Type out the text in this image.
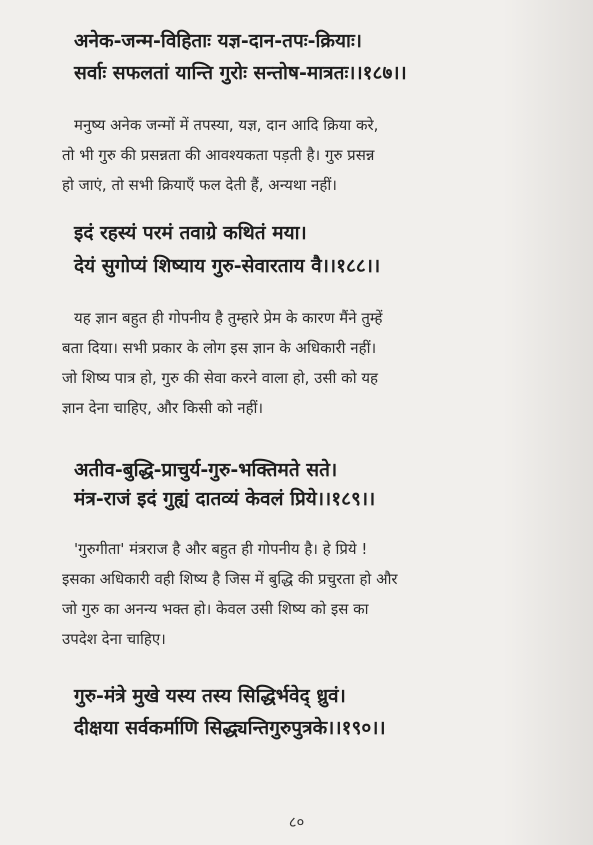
अनेक-जन्म-विहिताः यज्ञ-दान-तपः-क्रियाः।
सर्वाः सफलतां यान्ति गुरोः सन्तोष-मात्रतः।।१८७।।
मनुष्य अनेक जन्मों में तपस्या, यज्ञ, दान आदि क्रिया करे,
तो भी गुरु की प्रसन्नता की आवश्यकता पड़ती है। गुरु प्रसन्न
हो जाएं, तो सभी क्रियाएँ फल देती हैं, अन्यथा नहीं।
इदं रहस्यं परमं तवाग्रे कथितं मया।
देयं सुगोप्यं शिष्याय गुरु-सेवारताय वै।।१८८।।
यह ज्ञान बहुत ही गोपनीय है तुम्हारे प्रेम के कारण मैंने तुम्हें
बता दिया। सभी प्रकार के लोग इस ज्ञान के अधिकारी नहीं।
जो शिष्य पात्र हो, गुरु की सेवा करने वाला हो, उसी को यह
ज्ञान देना चाहिए, और किसी को नहीं।
अतीव-बुद्धि-प्राचुर्य-गुरु-भक्तिमते सते।
मंत्र-राजं इदं गुह्यं दातव्यं केवलं प्रिये।।१८९।।
'गुरुगीता' मंत्रराज है और बहुत ही गोपनीय है। हे प्रिये !
इसका अधिकारी वही शिष्य है जिस में बुद्धि की प्रचुरता हो और
जो गुरु का अनन्य भक्त हो। केवल उसी शिष्य को इस का
उपदेश देना चाहिए।
गुरु-मंत्रे मुखे यस्य तस्य सिद्धिर्भवेद् ध्रुवं।
दीक्षया सर्वकर्माणि सिद्ध्यन्तिगुरुपुत्रके।।१९०।।
८०
